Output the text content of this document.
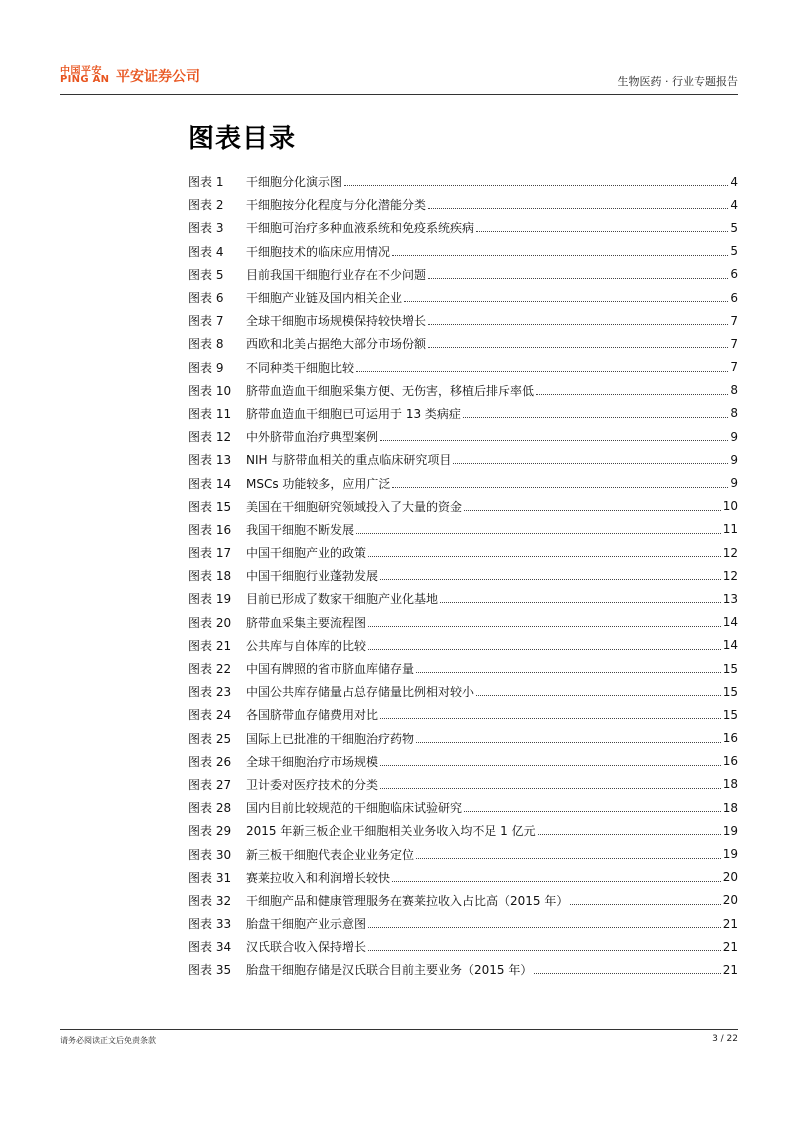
中国平安
PING AN 平安证券公司	生物医药 · 行业专题报告
图表目录
图表 1	干细胞分化演示图	4
图表 2	干细胞按分化程度与分化潜能分类	4
图表 3	干细胞可治疗多种血液系统和免疫系统疾病	5
图表 4	干细胞技术的临床应用情况	5
图表 5	目前我国干细胞行业存在不少问题	6
图表 6	干细胞产业链及国内相关企业	6
图表 7	全球干细胞市场规模保持较快增长	7
图表 8	西欧和北美占据绝大部分市场份额	7
图表 9	不同种类干细胞比较	7
图表 10	脐带血造血干细胞采集方便、无伤害，移植后排斥率低	8
图表 11	脐带血造血干细胞已可运用于 13 类病症	8
图表 12	中外脐带血治疗典型案例	9
图表 13	NIH 与脐带血相关的重点临床研究项目	9
图表 14	MSCs 功能较多，应用广泛	9
图表 15	美国在干细胞研究领域投入了大量的资金	10
图表 16	我国干细胞不断发展	11
图表 17	中国干细胞产业的政策	12
图表 18	中国干细胞行业蓬勃发展	12
图表 19	目前已形成了数家干细胞产业化基地	13
图表 20	脐带血采集主要流程图	14
图表 21	公共库与自体库的比较	14
图表 22	中国有牌照的省市脐血库储存量	15
图表 23	中国公共库存储量占总存储量比例相对较小	15
图表 24	各国脐带血存储费用对比	15
图表 25	国际上已批准的干细胞治疗药物	16
图表 26	全球干细胞治疗市场规模	16
图表 27	卫计委对医疗技术的分类	18
图表 28	国内目前比较规范的干细胞临床试验研究	18
图表 29	2015 年新三板企业干细胞相关业务收入均不足 1 亿元	19
图表 30	新三板干细胞代表企业业务定位	19
图表 31	赛莱拉收入和利润增长较快	20
图表 32	干细胞产品和健康管理服务在赛莱拉收入占比高（2015 年）	20
图表 33	胎盘干细胞产业示意图	21
图表 34	汉氏联合收入保持增长	21
图表 35	胎盘干细胞存储是汉氏联合目前主要业务（2015 年）	21
请务必阅读正文后免责条款	3 / 22
